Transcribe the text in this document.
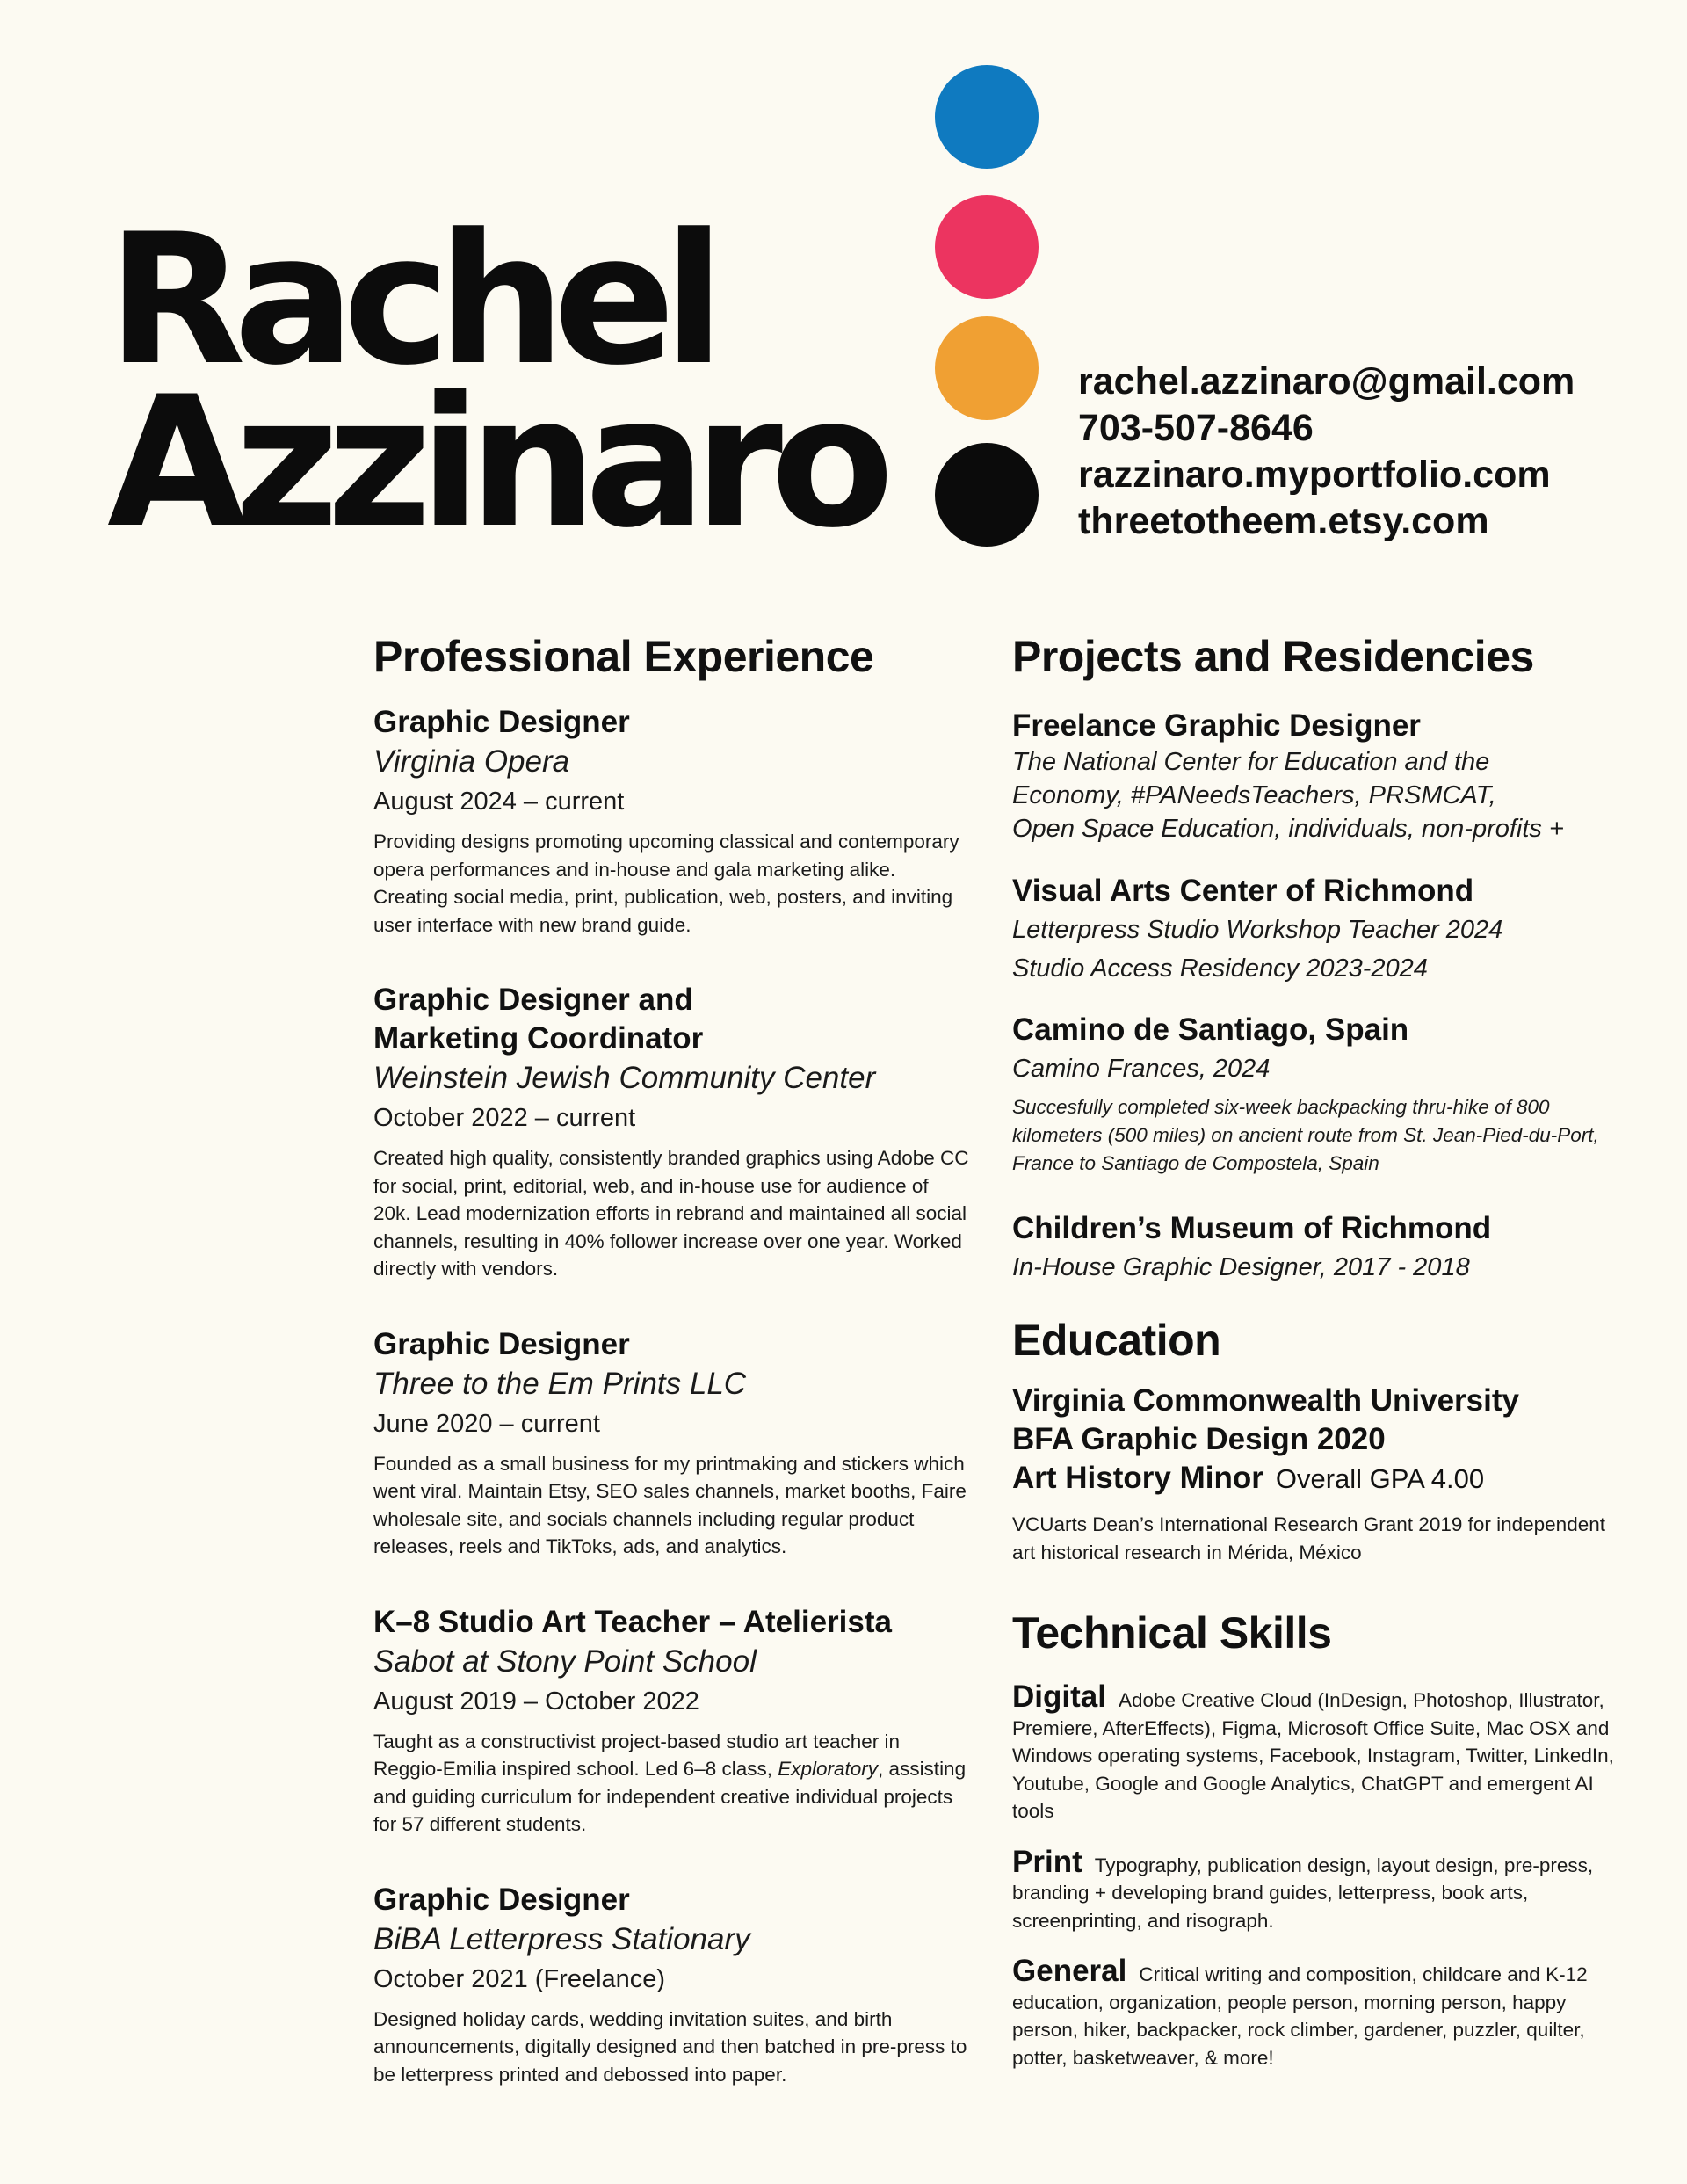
Rachel
Azzinaro	rachel.azzinaro@gmail.com
703-507-8646
razzinaro.myportfolio.com
threetotheem.etsy.com
Professional Experience
Graphic Designer
Virginia Opera
August 2024 – current
Providing designs promoting upcoming classical and contemporary opera performances and in-house and gala marketing alike. Creating social media, print, publication, web, posters, and inviting user interface with new brand guide.
Graphic Designer and
Marketing Coordinator
Weinstein Jewish Community Center
October 2022 – current
Created high quality, consistently branded graphics using Adobe CC for social, print, editorial, web, and in-house use for audience of 20k. Lead modernization efforts in rebrand and maintained all social channels, resulting in 40% follower increase over one year. Worked directly with vendors.
Graphic Designer
Three to the Em Prints LLC
June 2020 – current
Founded as a small business for my printmaking and stickers which went viral. Maintain Etsy, SEO sales channels, market booths, Faire wholesale site, and socials channels including regular product releases, reels and TikToks, ads, and analytics.
K–8 Studio Art Teacher – Atelierista
Sabot at Stony Point School
August 2019 – October 2022
Taught as a constructivist project-based studio art teacher in Reggio-Emilia inspired school. Led 6–8 class, Exploratory, assisting and guiding curriculum for independent creative individual projects for 57 different students.
Graphic Designer
BiBA Letterpress Stationary
October 2021 (Freelance)
Designed holiday cards, wedding invitation suites, and birth announcements, digitally designed and then batched in pre-press to be letterpress printed and debossed into paper.
Projects and Residencies
Freelance Graphic Designer
The National Center for Education and the
Economy, #PANeedsTeachers, PRSMCAT,
Open Space Education, individuals, non-profits +
Visual Arts Center of Richmond
Letterpress Studio Workshop Teacher 2024
Studio Access Residency 2023-2024
Camino de Santiago, Spain
Camino Frances, 2024
Succesfully completed six-week backpacking thru-hike of 800 kilometers (500 miles) on ancient route from St. Jean-Pied-du-Port, France to Santiago de Compostela, Spain
Children’s Museum of Richmond
In-House Graphic Designer, 2017 - 2018
Education
Virginia Commonwealth University
BFA Graphic Design 2020
Art History Minor Overall GPA 4.00
VCUarts Dean’s International Research Grant 2019 for independent art historical research in Mérida, México
Technical Skills
Digital Adobe Creative Cloud (InDesign, Photoshop, Illustrator, Premiere, AfterEffects), Figma, Microsoft Office Suite, Mac OSX and Windows operating systems, Facebook, Instagram, Twitter, LinkedIn, Youtube, Google and Google Analytics, ChatGPT and emergent AI tools
Print Typography, publication design, layout design, pre-press, branding + developing brand guides, letterpress, book arts, screenprinting, and risograph.
General Critical writing and composition, childcare and K-12 education, organization, people person, morning person, happy person, hiker, backpacker, rock climber, gardener, puzzler, quilter, potter, basketweaver, & more!
